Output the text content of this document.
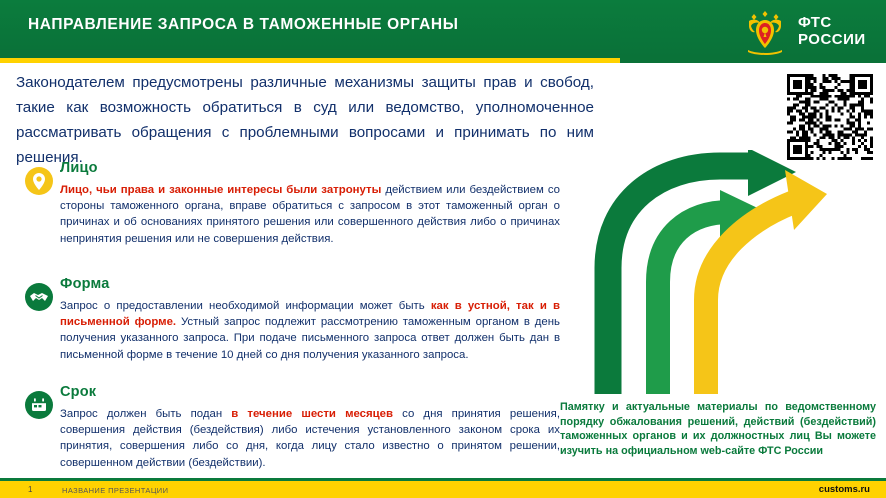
НАПРАВЛЕНИЕ ЗАПРОСА В ТАМОЖЕННЫЕ ОРГАНЫ	ФТС
РОССИИ
Законодателем предусмотрены различные механизмы защиты прав и свобод, такие как возможность обратиться в суд или ведомство, уполномоченное рассматривать обращения с проблемными вопросами и принимать по ним решения.
Лицо

Лицо, чьи права и законные интересы были затронуты действием или бездействием со стороны таможенного органа, вправе обратиться с запросом в этот таможенный орган о причинах и об основаниях принятого решения или совершенного действия либо о причинах непринятия решения или не совершения действия.

Форма

Запрос о предоставлении необходимой информации может быть как в устной, так и в письменной форме. Устный запрос подлежит рассмотрению таможенным органом в день получения указанного запроса. При подаче письменного запроса ответ должен быть дан в письменной форме в течение 10 дней со дня получения указанного запроса.

Срок

Запрос должен быть подан в течение шести месяцев со дня принятия решения, совершения действия (бездействия) либо истечения установленного законом срока их принятия, совершения либо со дня, когда лицу стало известно о принятом решении, совершенном действии (бездействии).

Памятку и актуальные материалы по ведомственному порядку обжалования решений, действий (бездействий) таможенных органов и их должностных лиц Вы можете изучить на официальном web-сайте ФТС России
1	НАЗВАНИЕ ПРЕЗЕНТАЦИИ	customs.ru
